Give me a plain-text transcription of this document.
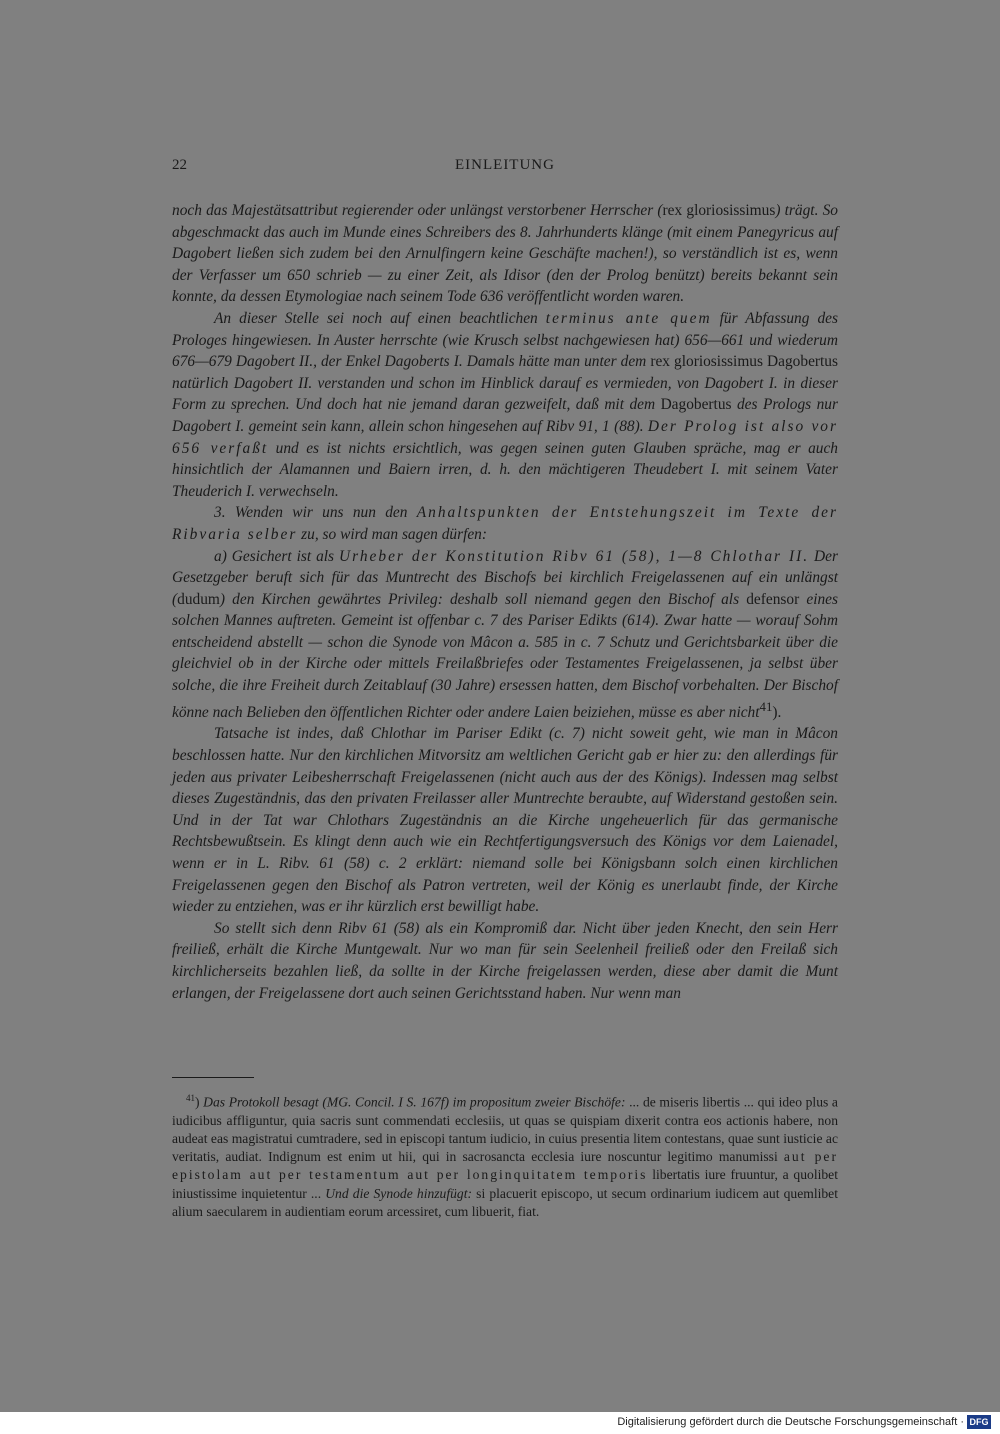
22	EINLEITUNG

noch das Majestätsattribut regierender oder unlängst verstorbener Herrscher (rex gloriosissimus) trägt. So abgeschmackt das auch im Munde eines Schreibers des 8. Jahrhunderts klänge (mit einem Panegyricus auf Dagobert ließen sich zudem bei den Arnulfingern keine Geschäfte machen!), so verständlich ist es, wenn der Verfasser um 650 schrieb — zu einer Zeit, als Idisor (den der Prolog benützt) bereits bekannt sein konnte, da dessen Etymologiae nach seinem Tode 636 veröffentlicht worden waren.

An dieser Stelle sei noch auf einen beachtlichen terminus ante quem für Abfassung des Prologes hingewiesen. In Auster herrschte (wie Krusch selbst nachgewiesen hat) 656—661 und wiederum 676—679 Dagobert II., der Enkel Dagoberts I. Damals hätte man unter dem rex gloriosissimus Dagobertus natürlich Dagobert II. verstanden und schon im Hinblick darauf es vermieden, von Dagobert I. in dieser Form zu sprechen. Und doch hat nie jemand daran gezweifelt, daß mit dem Dagobertus des Prologs nur Dagobert I. gemeint sein kann, allein schon hingesehen auf Ribv 91, 1 (88). Der Prolog ist also vor 656 verfaßt und es ist nichts ersichtlich, was gegen seinen guten Glauben spräche, mag er auch hinsichtlich der Alamannen und Baiern irren, d. h. den mächtigeren Theudebert I. mit seinem Vater Theuderich I. verwechseln.

3. Wenden wir uns nun den Anhaltspunkten der Entstehungszeit im Texte der Ribvaria selber zu, so wird man sagen dürfen:

a) Gesichert ist als Urheber der Konstitution Ribv 61 (58), 1—8 Chlothar II. Der Gesetzgeber beruft sich für das Muntrecht des Bischofs bei kirchlich Freigelassenen auf ein unlängst (dudum) den Kirchen gewährtes Privileg: deshalb soll niemand gegen den Bischof als defensor eines solchen Mannes auftreten. Gemeint ist offenbar c. 7 des Pariser Edikts (614). Zwar hatte — worauf Sohm entscheidend abstellt — schon die Synode von Mâcon a. 585 in c. 7 Schutz und Gerichtsbarkeit über die gleichviel ob in der Kirche oder mittels Freilaßbriefes oder Testamentes Freigelassenen, ja selbst über solche, die ihre Freiheit durch Zeitablauf (30 Jahre) ersessen hatten, dem Bischof vorbehalten. Der Bischof könne nach Belieben den öffentlichen Richter oder andere Laien beiziehen, müsse es aber nicht$^{41}$).

Tatsache ist indes, daß Chlothar im Pariser Edikt (c. 7) nicht soweit geht, wie man in Mâcon beschlossen hatte. Nur den kirchlichen Mitvorsitz am weltlichen Gericht gab er hier zu: den allerdings für jeden aus privater Leibesherrschaft Freigelassenen (nicht auch aus der des Königs). Indessen mag selbst dieses Zugeständnis, das den privaten Freilasser aller Muntrechte beraubte, auf Widerstand gestoßen sein. Und in der Tat war Chlothars Zugeständnis an die Kirche ungeheuerlich für das germanische Rechtsbewußtsein. Es klingt denn auch wie ein Rechtfertigungsversuch des Königs vor dem Laienadel, wenn er in L. Ribv. 61 (58) c. 2 erklärt: niemand solle bei Königsbann solch einen kirchlichen Freigelassenen gegen den Bischof als Patron vertreten, weil der König es unerlaubt finde, der Kirche wieder zu entziehen, was er ihr kürzlich erst bewilligt habe.

So stellt sich denn Ribv 61 (58) als ein Kompromiß dar. Nicht über jeden Knecht, den sein Herr freiließ, erhält die Kirche Muntgewalt. Nur wo man für sein Seelenheil freiließ oder den Freilaß sich kirchlicherseits bezahlen ließ, da sollte in der Kirche freigelassen werden, diese aber damit die Munt erlangen, der Freigelassene dort auch seinen Gerichtsstand haben. Nur wenn man

$^{41}$) Das Protokoll besagt (MG. Concil. I S. 167f) im propositum zweier Bischöfe: ... de miseris libertis ... qui ideo plus a iudicibus affliguntur, quia sacris sunt commendati ecclesiis, ut quas se quispiam dixerit contra eos actionis habere, non audeat eas magistratui cumtradere, sed in episcopi tantum iudicio, in cuius presentia litem contestans, quae sunt iusticie ac veritatis, audiat. Indignum est enim ut hii, qui in sacrosancta ecclesia iure noscuntur legitimo manumissi aut per epistolam aut per testamentum aut per longinquitatem temporis libertatis iure fruuntur, a quolibet iniustissime inquietentur ... Und die Synode hinzufügt: si placuerit episcopo, ut secum ordinarium iudicem aut quemlibet alium saecularem in audientiam eorum arcessiret, cum libuerit, fiat.
Digitalisierung gefördert durch die Deutsche Forschungsgemeinschaft · DFG
